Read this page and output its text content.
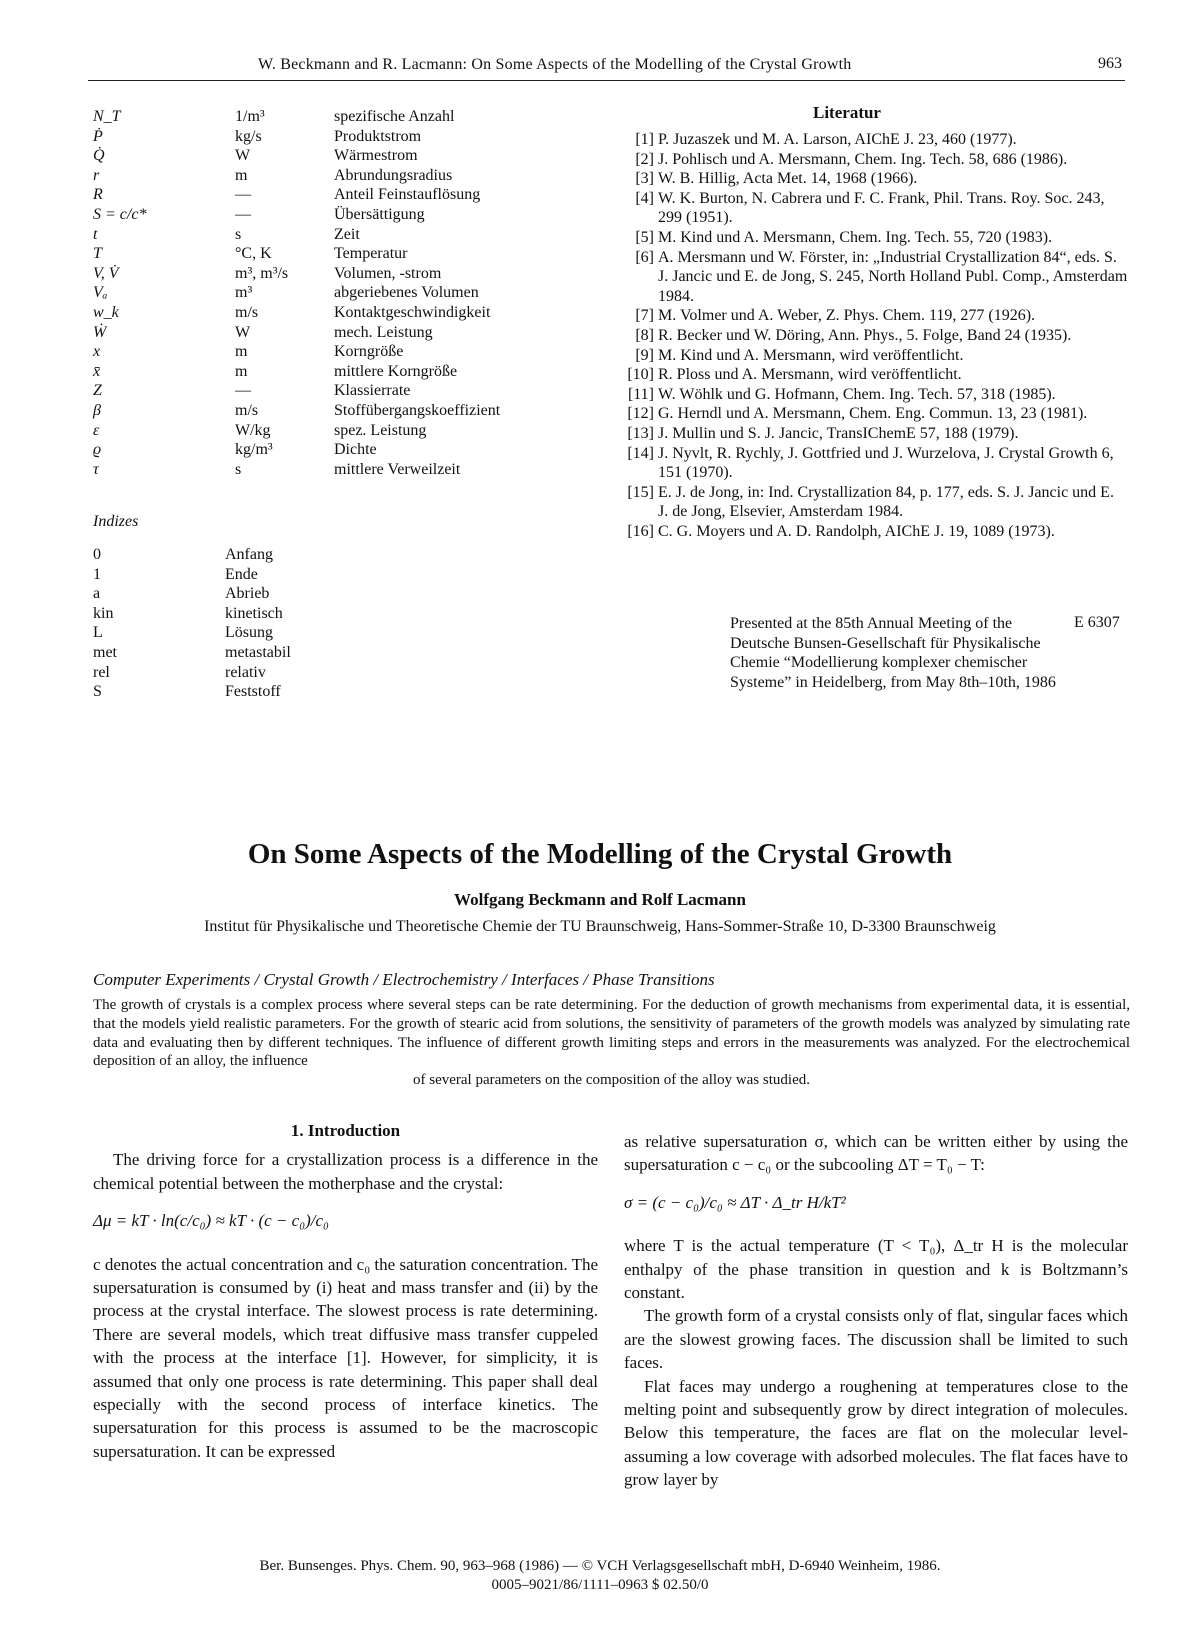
W. Beckmann and R. Lacmann: On Some Aspects of the Modelling of the Crystal Growth	963
N_T	1/m³	spezifische Anzahl
Ṗ	kg/s	Produktstrom
Q̇	W	Wärmestrom
r	m	Abrundungsradius
R	—	Anteil Feinstauflösung
S = c/c*	—	Übersättigung
t	s	Zeit
T	°C, K	Temperatur
V, V̇	m³, m³/s	Volumen, -strom
Vₐ	m³	abgeriebenes Volumen
w_k	m/s	Kontaktgeschwindigkeit
Ẇ	W	mech. Leistung
x	m	Korngröße
x̄	m	mittlere Korngröße
Z	—	Klassierrate
β	m/s	Stoffübergangskoeffizient
ε	W/kg	spez. Leistung
ϱ	kg/m³	Dichte
τ	s	mittlere Verweilzeit
Indizes
0	Anfang
1	Ende
a	Abrieb
kin	kinetisch
L	Lösung
met	metastabil
rel	relativ
S	Feststoff
Literatur
[1] P. Juzaszek und M. A. Larson, AIChE J. 23, 460 (1977).
[2] J. Pohlisch und A. Mersmann, Chem. Ing. Tech. 58, 686 (1986).
[3] W. B. Hillig, Acta Met. 14, 1968 (1966).
[4] W. K. Burton, N. Cabrera und F. C. Frank, Phil. Trans. Roy. Soc. 243, 299 (1951).
[5] M. Kind und A. Mersmann, Chem. Ing. Tech. 55, 720 (1983).
[6] A. Mersmann und W. Förster, in: „Industrial Crystallization 84“, eds. S. J. Jancic und E. de Jong, S. 245, North Holland Publ. Comp., Amsterdam 1984.
[7] M. Volmer und A. Weber, Z. Phys. Chem. 119, 277 (1926).
[8] R. Becker und W. Döring, Ann. Phys., 5. Folge, Band 24 (1935).
[9] M. Kind und A. Mersmann, wird veröffentlicht.
[10] R. Ploss und A. Mersmann, wird veröffentlicht.
[11] W. Wöhlk und G. Hofmann, Chem. Ing. Tech. 57, 318 (1985).
[12] G. Herndl und A. Mersmann, Chem. Eng. Commun. 13, 23 (1981).
[13] J. Mullin und S. J. Jancic, TransIChemE 57, 188 (1979).
[14] J. Nyvlt, R. Rychly, J. Gottfried und J. Wurzelova, J. Crystal Growth 6, 151 (1970).
[15] E. J. de Jong, in: Ind. Crystallization 84, p. 177, eds. S. J. Jancic und E. J. de Jong, Elsevier, Amsterdam 1984.
[16] C. G. Moyers und A. D. Randolph, AIChE J. 19, 1089 (1973).
Presented at the 85th Annual Meeting of the Deutsche Bunsen-Gesellschaft für Physikalische Chemie “Modellierung komplexer chemischer Systeme” in Heidelberg, from May 8th–10th, 1986
E 6307
On Some Aspects of the Modelling of the Crystal Growth
Wolfgang Beckmann and Rolf Lacmann
Institut für Physikalische und Theoretische Chemie der TU Braunschweig, Hans-Sommer-Straße 10, D-3300 Braunschweig
Computer Experiments / Crystal Growth / Electrochemistry / Interfaces / Phase Transitions
The growth of crystals is a complex process where several steps can be rate determining. For the deduction of growth mechanisms from experimental data, it is essential, that the models yield realistic parameters. For the growth of stearic acid from solutions, the sensitivity of parameters of the growth models was analyzed by simulating rate data and evaluating then by different techniques. The influence of different growth limiting steps and errors in the measurements was analyzed. For the electrochemical deposition of an alloy, the influence
of several parameters on the composition of the alloy was studied.
1. Introduction

The driving force for a crystallization process is a difference in the chemical potential between the motherphase and the crystal:

Δμ = kT · ln(c/c₀) ≈ kT · (c − c₀)/c₀

c denotes the actual concentration and c₀ the saturation concentration. The supersaturation is consumed by (i) heat and mass transfer and (ii) by the process at the crystal interface. The slowest process is rate determining. There are several models, which treat diffusive mass transfer cuppeled with the process at the interface [1]. However, for simplicity, it is assumed that only one process is rate determining. This paper shall deal especially with the second process of interface kinetics. The supersaturation for this process is assumed to be the macroscopic supersaturation. It can be expressed

as relative supersaturation σ, which can be written either by using the supersaturation c − c₀ or the subcooling ΔT = T₀ − T:

σ = (c − c₀)/c₀ ≈ ΔT · Δ_tr H/kT²

where T is the actual temperature (T < T₀), Δ_tr H is the molecular enthalpy of the phase transition in question and k is Boltzmann’s constant.

The growth form of a crystal consists only of flat, singular faces which are the slowest growing faces. The discussion shall be limited to such faces.

Flat faces may undergo a roughening at temperatures close to the melting point and subsequently grow by direct integration of molecules. Below this temperature, the faces are flat on the molecular level-assuming a low coverage with adsorbed molecules. The flat faces have to grow layer by

Ber. Bunsenges. Phys. Chem. 90, 963–968 (1986) — © VCH Verlagsgesellschaft mbH, D-6940 Weinheim, 1986.
0005–9021/86/1111–0963 $ 02.50/0
